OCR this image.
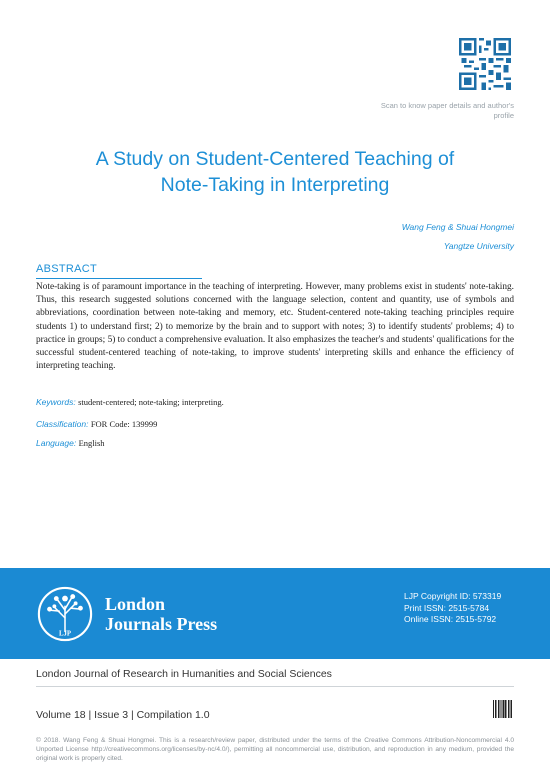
Scan to know paper details and author's profile
A Study on Student-Centered Teaching of
Note-Taking in Interpreting
Wang Feng & Shuai Hongmei
Yangtze University
ABSTRACT

Note-taking is of paramount importance in the teaching of interpreting. However, many problems exist in students' note-taking. Thus, this research suggested solutions concerned with the language selection, content and quantity, use of symbols and abbreviations, coordination between note-taking and memory, etc. Student-centered note-taking teaching principles require students 1) to understand first; 2) to memorize by the brain and to support with notes; 3) to identify students' problems; 4) to practice in groups; 5) to conduct a comprehensive evaluation. It also emphasizes the teacher's and students' qualifications for the successful student-centered teaching of note-taking, to improve students' interpreting skills and enhance the efficiency of interpreting teaching.

Keywords: student-centered; note-taking; interpreting.
Classification: FOR Code: 139999
Language: English
LJP
London
Journals Press
LJP Copyright ID: 573319
Print ISSN: 2515-5784
Online ISSN: 2515-5792
London Journal of Research in Humanities and Social Sciences
Volume 18 | Issue 3 | Compilation 1.0

© 2018. Wang Feng & Shuai Hongmei. This is a research/review paper, distributed under the terms of the Creative Commons Attribution-Noncommercial 4.0 Unported License http://creativecommons.org/licenses/by-nc/4.0/), permitting all noncommercial use, distribution, and reproduction in any medium, provided the original work is properly cited.
